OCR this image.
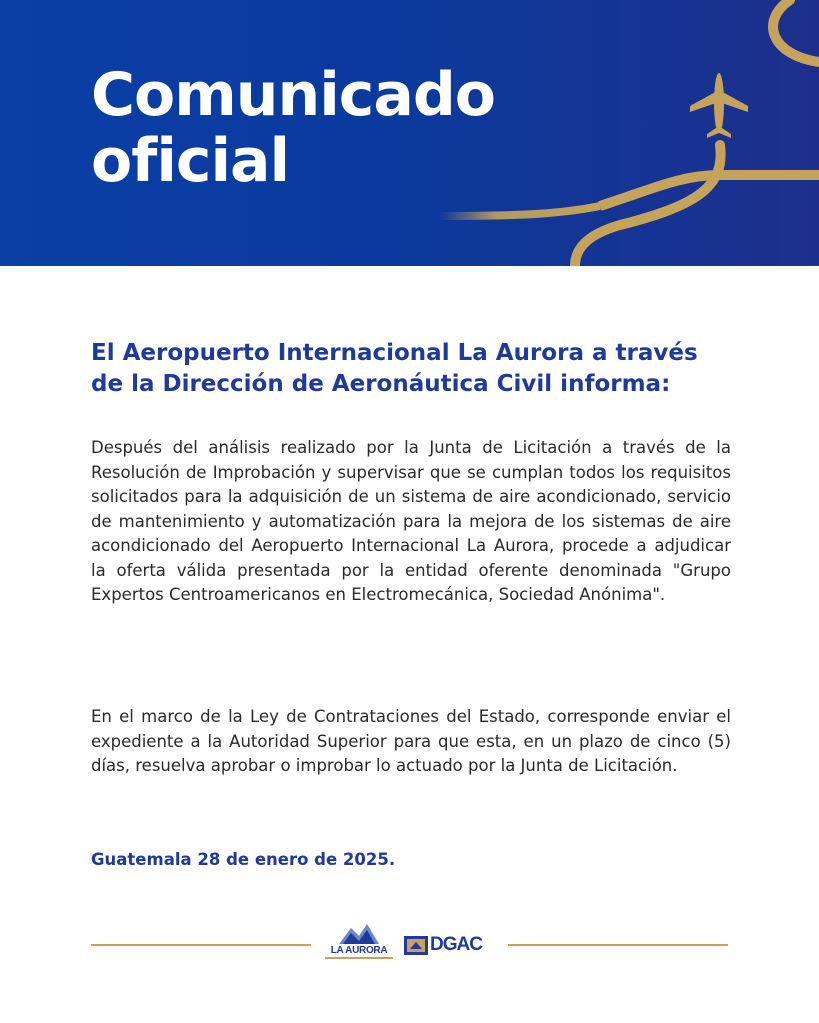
Comunicado
oficial
El Aeropuerto Internacional La Aurora a través
de la Dirección de Aeronáutica Civil informa:

Después del análisis realizado por la Junta de Licitación a través de la Resolución de Improbación y supervisar que se cumplan todos los requisitos solicitados para la adquisición de un sistema de aire acondicionado, servicio de mantenimiento y automatización para la mejora de los sistemas de aire acondicionado del Aeropuerto Internacional La Aurora, procede a adjudicar la oferta válida presentada por la entidad oferente denominada "Grupo Expertos Centroamericanos en Electromecánica, Sociedad Anónima".

En el marco de la Ley de Contrataciones del Estado, corresponde enviar el expediente a la Autoridad Superior para que esta, en un plazo de cinco (5) días, resuelva aprobar o improbar lo actuado por la Junta de Licitación.

Guatemala 28 de enero de 2025.
LA AURORA	DGAC
